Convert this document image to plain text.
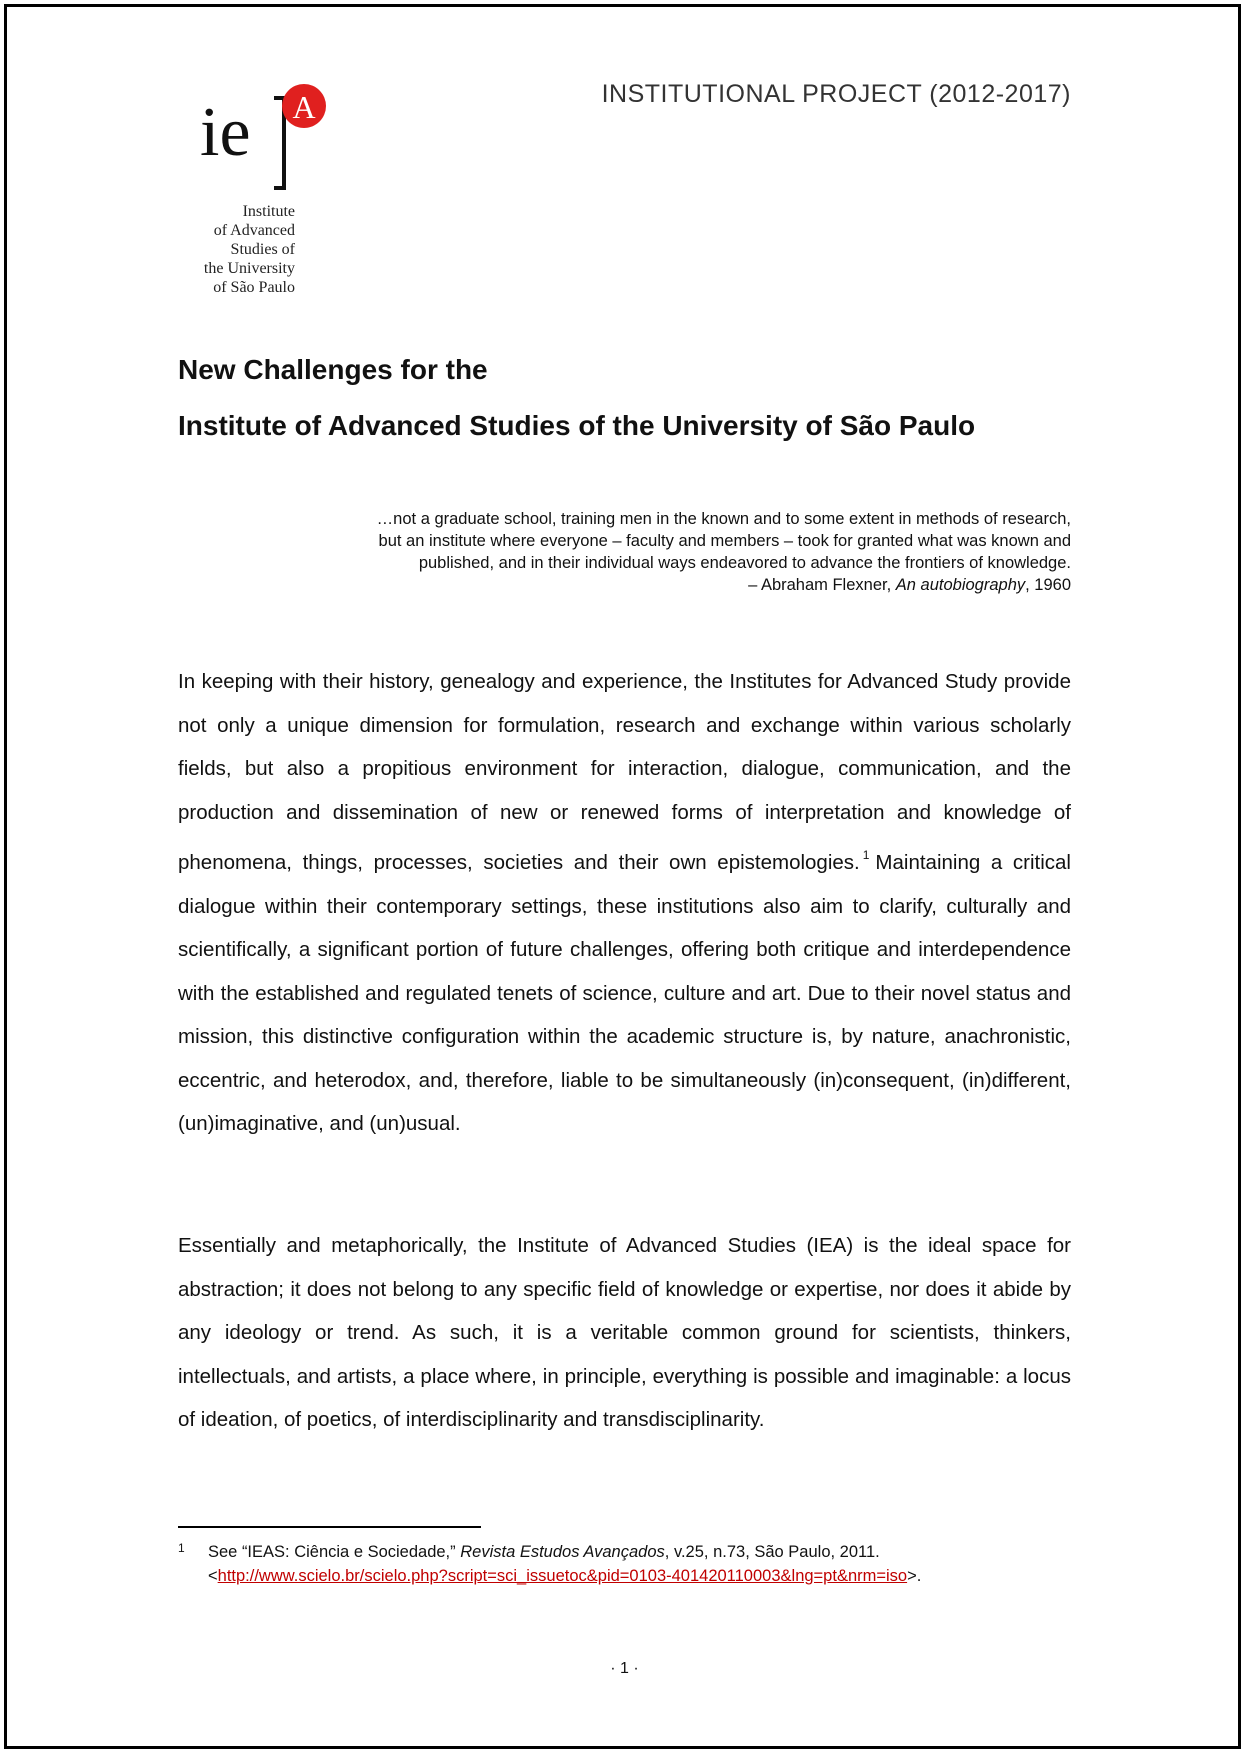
INSTITUTIONAL PROJECT (2012-2017)
ie A
Institute
of Advanced
Studies of
the University
of São Paulo
New Challenges for the
Institute of Advanced Studies of the University of São Paulo
…not a graduate school, training men in the known and to some extent in methods of research,
but an institute where everyone – faculty and members – took for granted what was known and
published, and in their individual ways endeavored to advance the frontiers of knowledge.
– Abraham Flexner, An autobiography, 1960
In keeping with their history, genealogy and experience, the Institutes for Advanced Study provide not only a unique dimension for formulation, research and exchange within various scholarly fields, but also a propitious environment for interaction, dialogue, communication, and the production and dissemination of new or renewed forms of interpretation and knowledge of phenomena, things, processes, societies and their own epistemologies. $^1$ Maintaining a critical dialogue within their contemporary settings, these institutions also aim to clarify, culturally and scientifically, a significant portion of future challenges, offering both critique and interdependence with the established and regulated tenets of science, culture and art. Due to their novel status and mission, this distinctive configuration within the academic structure is, by nature, anachronistic, eccentric, and heterodox, and, therefore, liable to be simultaneously (in)consequent, (in)different, (un)imaginative, and (un)usual.
Essentially and metaphorically, the Institute of Advanced Studies (IEA) is the ideal space for abstraction; it does not belong to any specific field of knowledge or expertise, nor does it abide by any ideology or trend. As such, it is a veritable common ground for scientists, thinkers, intellectuals, and artists, a place where, in principle, everything is possible and imaginable: a locus of ideation, of poetics, of interdisciplinarity and transdisciplinarity.
1 See “IEAS: Ciência e Sociedade,” Revista Estudos Avançados, v.25, n.73, São Paulo, 2011.
<http://www.scielo.br/scielo.php?script=sci_issuetoc&pid=0103-401420110003&lng=pt&nrm=iso>.
· 1 ·
